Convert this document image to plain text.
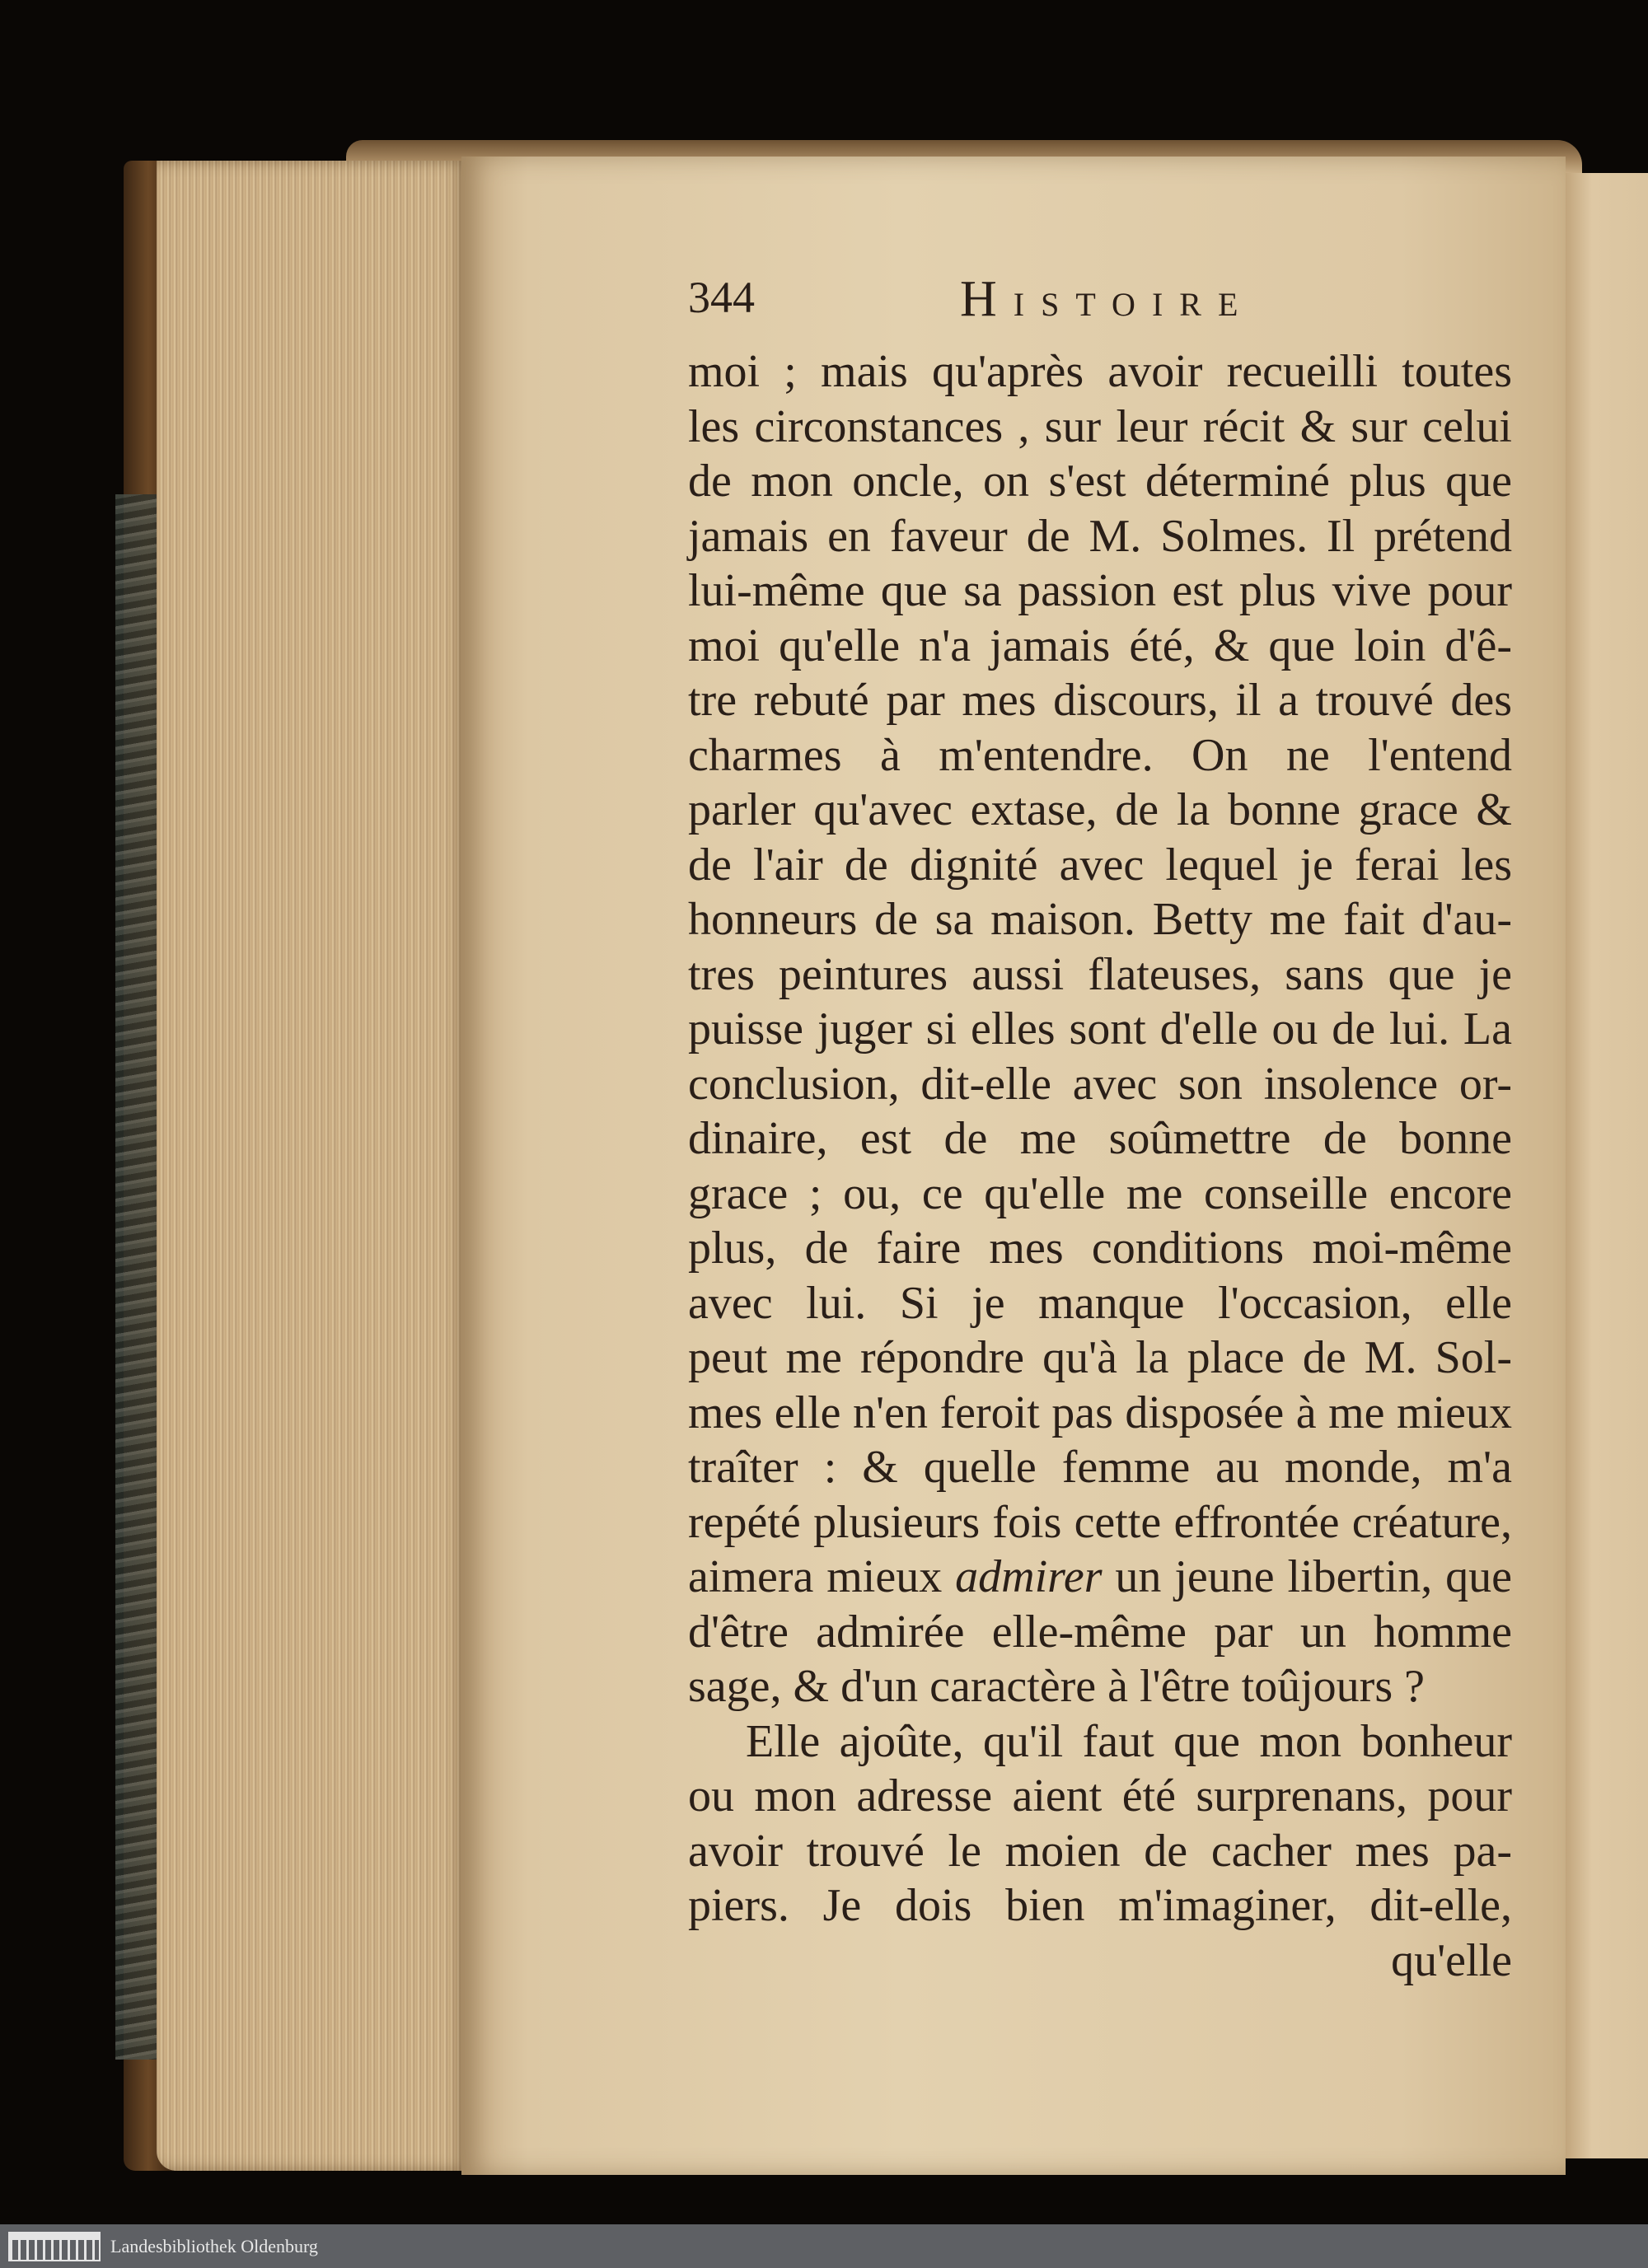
344	HISTOIRE
moi ; mais qu'après avoir recueilli toutes
les circonstances , sur leur récit & sur celui
de mon oncle, on s'est déterminé plus que
jamais en faveur de M. Solmes. Il prétend
lui-même que sa passion est plus vive pour
moi qu'elle n'a jamais été, & que loin d'ê-
tre rebuté par mes discours, il a trouvé des
charmes à m'entendre. On ne l'entend
parler qu'avec extase, de la bonne grace &
de l'air de dignité avec lequel je ferai les
honneurs de sa maison. Betty me fait d'au-
tres peintures aussi flateuses, sans que je
puisse juger si elles sont d'elle ou de lui. La
conclusion, dit-elle avec son insolence or-
dinaire, est de me soûmettre de bonne
grace ; ou, ce qu'elle me conseille encore
plus, de faire mes conditions moi-même
avec lui. Si je manque l'occasion, elle
peut me répondre qu'à la place de M. Sol-
mes elle n'en feroit pas disposée à me mieux
traîter : & quelle femme au monde, m'a
repété plusieurs fois cette effrontée créature,
aimera mieux admirer un jeune libertin, que
d'être admirée elle-même par un homme
sage, & d'un caractère à l'être toûjours ?
Elle ajoûte, qu'il faut que mon bonheur
ou mon adresse aient été surprenans, pour
avoir trouvé le moien de cacher mes pa-
piers. Je dois bien m'imaginer, dit-elle,
qu'elle
Landesbibliothek Oldenburg
